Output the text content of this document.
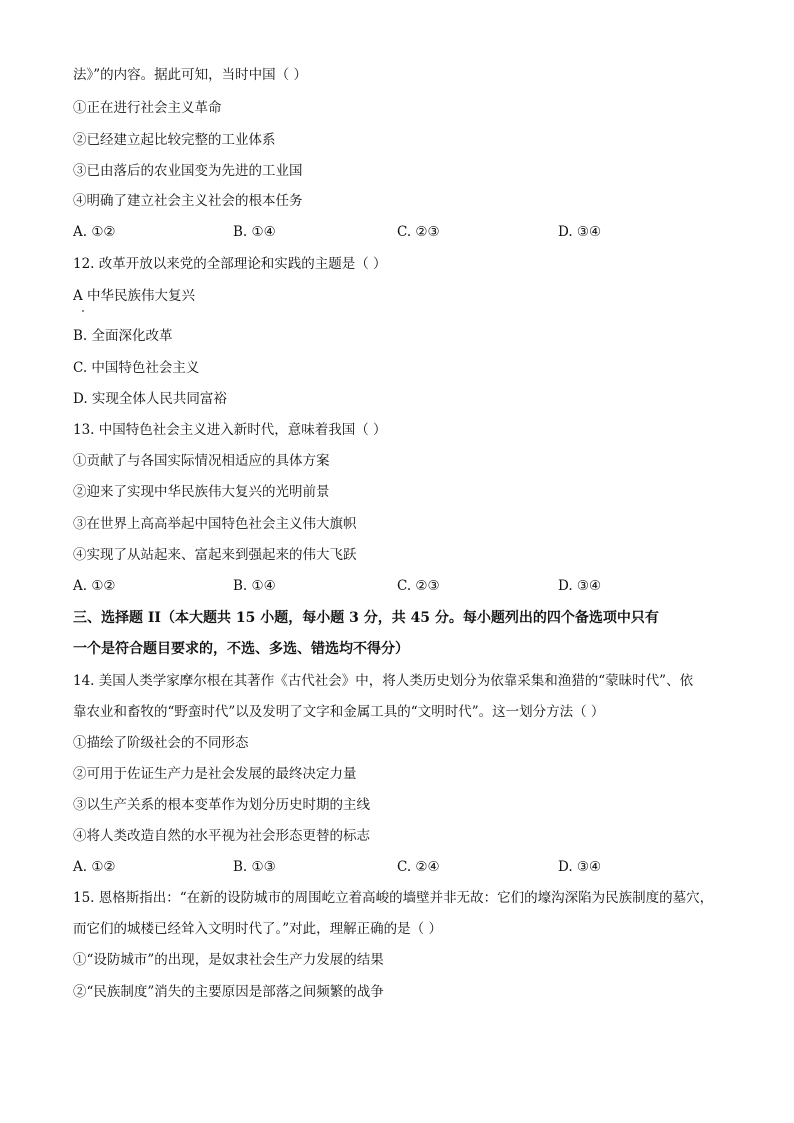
法》”的内容。据此可知，当时中国（ ）
①正在进行社会主义革命
②已经建立起比较完整的工业体系
③已由落后的农业国变为先进的工业国
④明确了建立社会主义社会的根本任务
A. ①②	B. ①④	C. ②③	D. ③④
12. 改革开放以来党的全部理论和实践的主题是（ ）
A 中华民族伟大复兴
B. 全面深化改革
C. 中国特色社会主义
D. 实现全体人民共同富裕
13. 中国特色社会主义进入新时代，意味着我国（ ）
①贡献了与各国实际情况相适应的具体方案
②迎来了实现中华民族伟大复兴的光明前景
③在世界上高高举起中国特色社会主义伟大旗帜
④实现了从站起来、富起来到强起来的伟大飞跃
A. ①②	B. ①④	C. ②③	D. ③④
三、选择题 II（本大题共 15 小题，每小题 3 分，共 45 分。每小题列出的四个备选项中只有
一个是符合题目要求的，不选、多选、错选均不得分）
14. 美国人类学家摩尔根在其著作《古代社会》中，将人类历史划分为依靠采集和渔猎的“蒙昧时代”、依
靠农业和畜牧的“野蛮时代”以及发明了文字和金属工具的“文明时代”。这一划分方法（ ）
①描绘了阶级社会的不同形态
②可用于佐证生产力是社会发展的最终决定力量
③以生产关系的根本变革作为划分历史时期的主线
④将人类改造自然的水平视为社会形态更替的标志
A. ①②	B. ①③	C. ②④	D. ③④
15. 恩格斯指出：“在新的设防城市的周围屹立着高峻的墙壁并非无故：它们的壕沟深陷为民族制度的墓穴，
而它们的城楼已经耸入文明时代了。”对此，理解正确的是（ ）
①“设防城市”的出现，是奴隶社会生产力发展的结果
②“民族制度”消失的主要原因是部落之间频繁的战争
